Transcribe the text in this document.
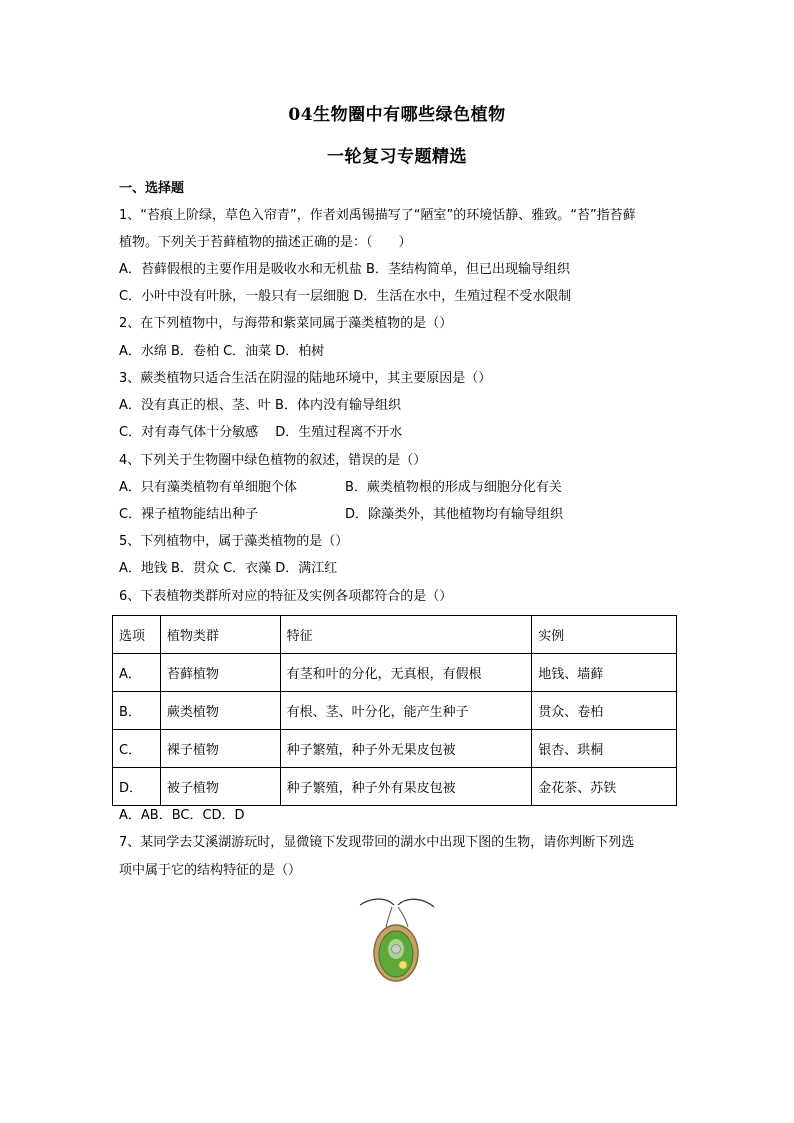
04生物圈中有哪些绿色植物
一轮复习专题精选
一、选择题
1、“苔痕上阶绿，草色入帘青”，作者刘禹锡描写了“陋室”的环境恬静、雅致。“苔”指苔藓
植物。下列关于苔藓植物的描述正确的是：（　　）
A．苔藓假根的主要作用是吸收水和无机盐 B．茎结构简单，但已出现输导组织
C．小叶中没有叶脉，一般只有一层细胞 D．生活在水中，生殖过程不受水限制
2、在下列植物中，与海带和紫菜同属于藻类植物的是（）
A．水绵 B．卷柏 C．油菜 D．柏树
3、蕨类植物只适合生活在阴湿的陆地环境中，其主要原因是（）
A．没有真正的根、茎、叶 B．体内没有输导组织
C．对有毒气体十分敏感　 D．生殖过程离不开水
4、下列关于生物圈中绿色植物的叙述，错误的是（）
A．只有藻类植物有单细胞个体	B．蕨类植物根的形成与细胞分化有关
C．裸子植物能结出种子	D．除藻类外，其他植物均有输导组织
5、下列植物中，属于藻类植物的是（）
A．地钱 B．贯众 C．衣藻 D．满江红
6、下表植物类群所对应的特征及实例各项都符合的是（）
选项	植物类群	特征	实例
A．	苔藓植物	有茎和叶的分化，无真根，有假根	地钱、墙藓
B．	蕨类植物	有根、茎、叶分化，能产生种子	贯众、卷柏
C．	裸子植物	种子繁殖，种子外无果皮包被	银杏、珙桐
D．	被子植物	种子繁殖，种子外有果皮包被	金花茶、苏铁
A．AB．BC．CD．D
7、某同学去艾溪湖游玩时，显微镜下发现带回的湖水中出现下图的生物，请你判断下列选
项中属于它的结构特征的是（）
